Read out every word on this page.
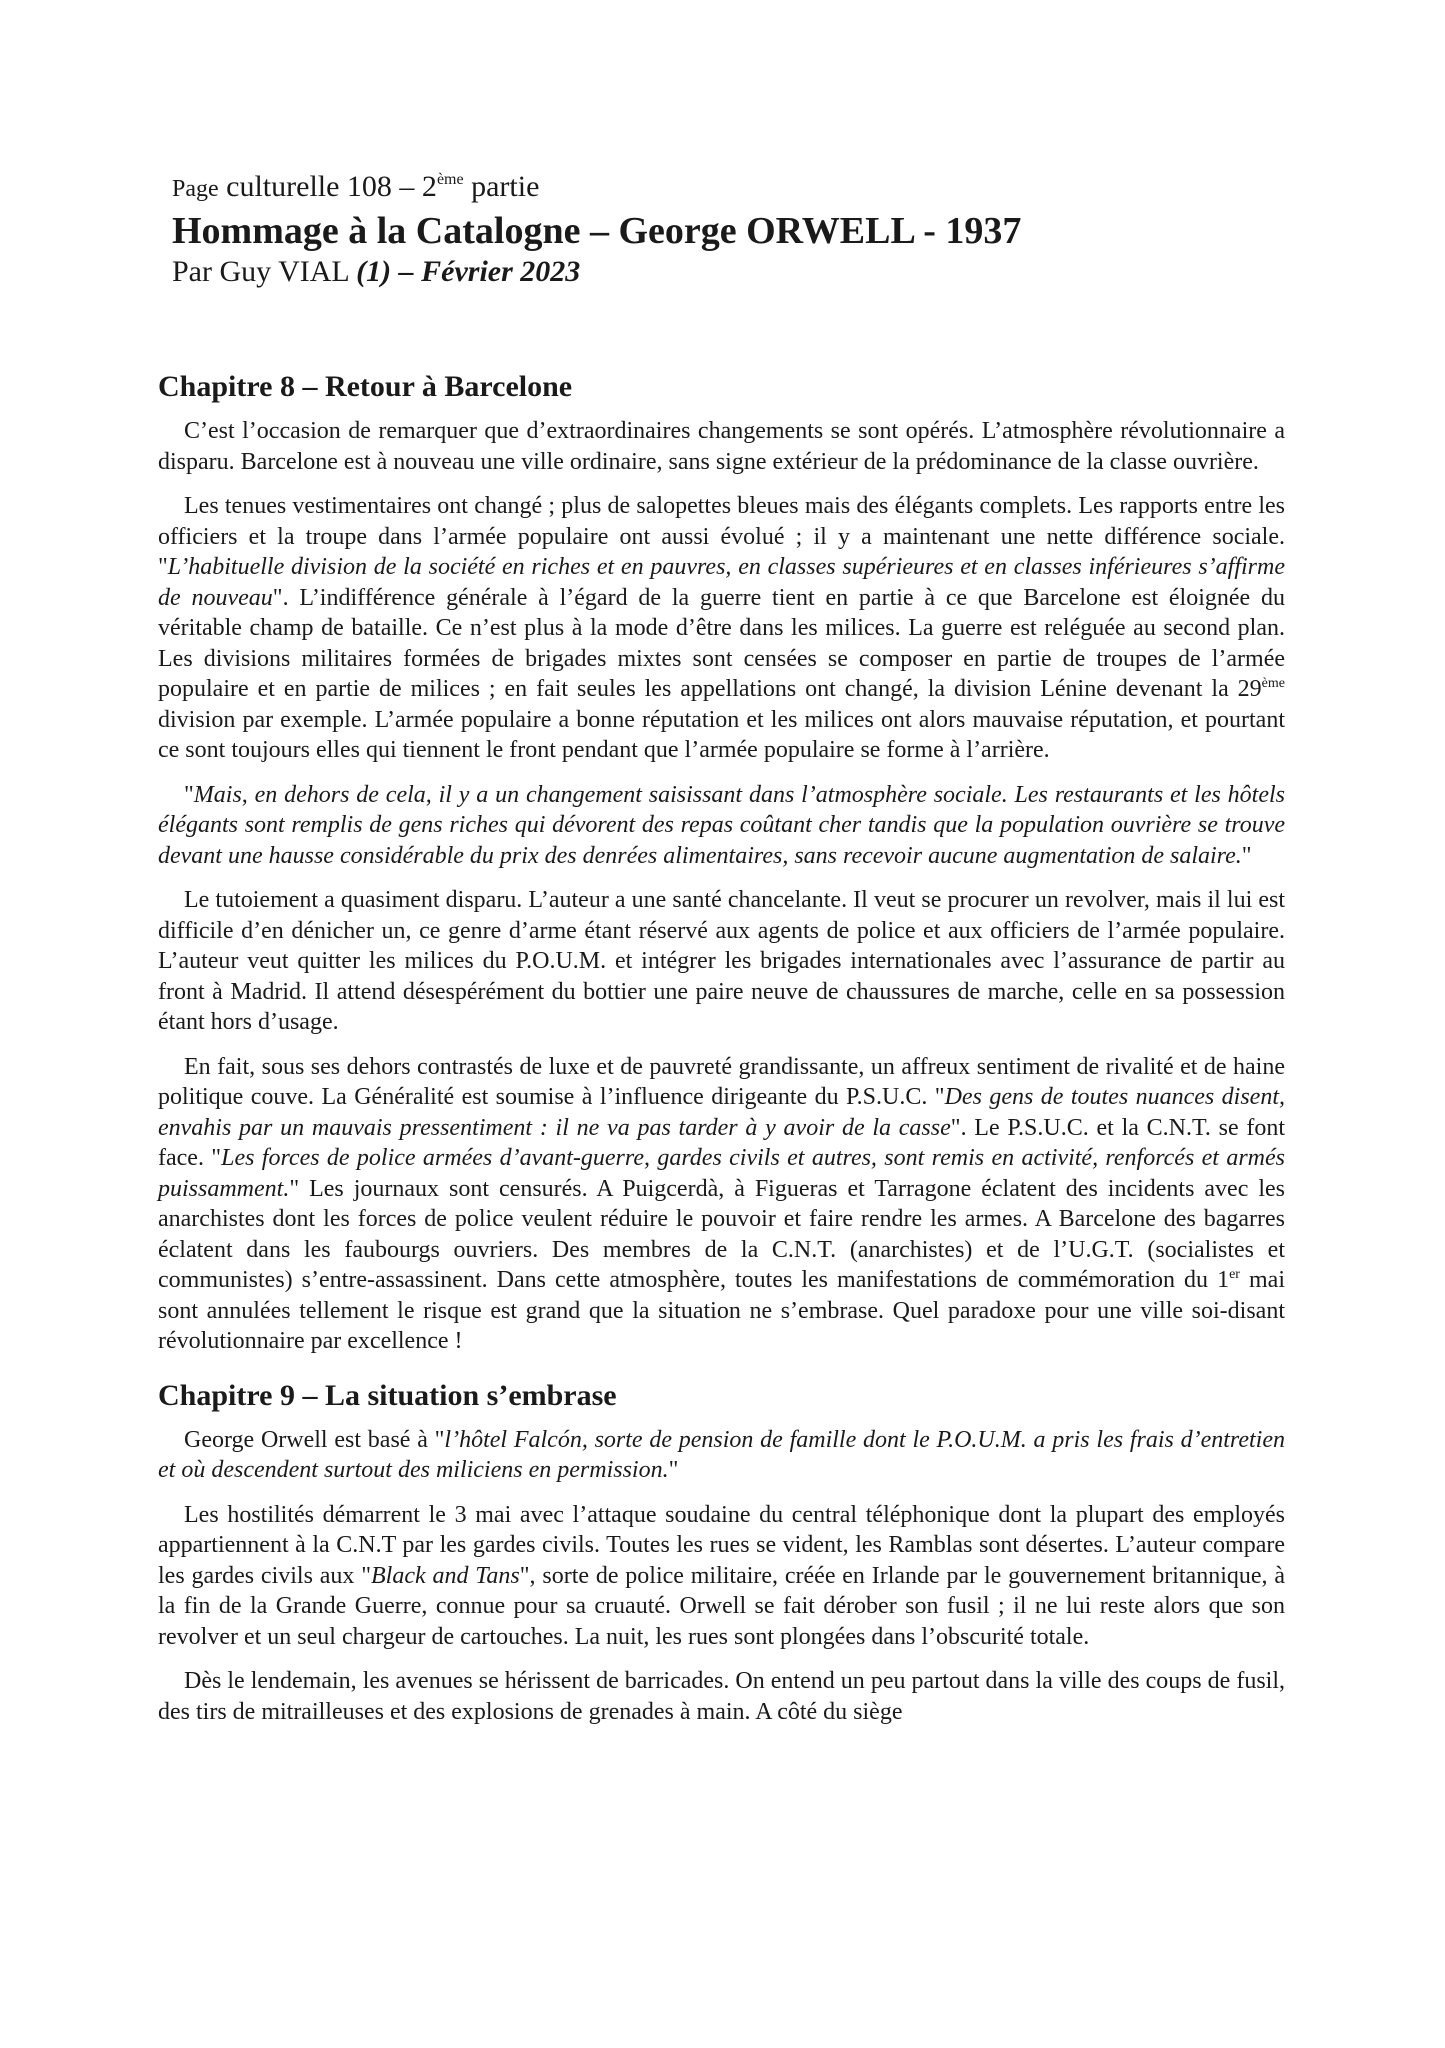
Page culturelle 108 – 2ème partie
Hommage à la Catalogne – George ORWELL - 1937
Par Guy VIAL (1) – Février 2023
Chapitre 8 – Retour à Barcelone

C’est l’occasion de remarquer que d’extraordinaires changements se sont opérés. L’atmosphère révolutionnaire a disparu. Barcelone est à nouveau une ville ordinaire, sans signe extérieur de la prédominance de la classe ouvrière.

Les tenues vestimentaires ont changé ; plus de salopettes bleues mais des élégants complets. Les rapports entre les officiers et la troupe dans l’armée populaire ont aussi évolué ; il y a maintenant une nette différence sociale. "L’habituelle division de la société en riches et en pauvres, en classes supérieures et en classes inférieures s’affirme de nouveau". L’indifférence générale à l’égard de la guerre tient en partie à ce que Barcelone est éloignée du véritable champ de bataille. Ce n’est plus à la mode d’être dans les milices. La guerre est reléguée au second plan. Les divisions militaires formées de brigades mixtes sont censées se composer en partie de troupes de l’armée populaire et en partie de milices ; en fait seules les appellations ont changé, la division Lénine devenant la 29ème division par exemple. L’armée populaire a bonne réputation et les milices ont alors mauvaise réputation, et pourtant ce sont toujours elles qui tiennent le front pendant que l’armée populaire se forme à l’arrière.

"Mais, en dehors de cela, il y a un changement saisissant dans l’atmosphère sociale. Les restaurants et les hôtels élégants sont remplis de gens riches qui dévorent des repas coûtant cher tandis que la population ouvrière se trouve devant une hausse considérable du prix des denrées alimentaires, sans recevoir aucune augmentation de salaire."

Le tutoiement a quasiment disparu. L’auteur a une santé chancelante. Il veut se procurer un revolver, mais il lui est difficile d’en dénicher un, ce genre d’arme étant réservé aux agents de police et aux officiers de l’armée populaire. L’auteur veut quitter les milices du P.O.U.M. et intégrer les brigades internationales avec l’assurance de partir au front à Madrid. Il attend désespérément du bottier une paire neuve de chaussures de marche, celle en sa possession étant hors d’usage.

En fait, sous ses dehors contrastés de luxe et de pauvreté grandissante, un affreux sentiment de rivalité et de haine politique couve. La Généralité est soumise à l’influence dirigeante du P.S.U.C. "Des gens de toutes nuances disent, envahis par un mauvais pressentiment : il ne va pas tarder à y avoir de la casse". Le P.S.U.C. et la C.N.T. se font face. "Les forces de police armées d’avant-guerre, gardes civils et autres, sont remis en activité, renforcés et armés puissamment." Les journaux sont censurés. A Puigcerdà, à Figueras et Tarragone éclatent des incidents avec les anarchistes dont les forces de police veulent réduire le pouvoir et faire rendre les armes. A Barcelone des bagarres éclatent dans les faubourgs ouvriers. Des membres de la C.N.T. (anarchistes) et de l’U.G.T. (socialistes et communistes) s’entre-assassinent. Dans cette atmosphère, toutes les manifestations de commémoration du 1er mai sont annulées tellement le risque est grand que la situation ne s’embrase. Quel paradoxe pour une ville soi-disant révolutionnaire par excellence !

Chapitre 9 – La situation s’embrase

George Orwell est basé à "l’hôtel Falcón, sorte de pension de famille dont le P.O.U.M. a pris les frais d’entretien et où descendent surtout des miliciens en permission."

Les hostilités démarrent le 3 mai avec l’attaque soudaine du central téléphonique dont la plupart des employés appartiennent à la C.N.T par les gardes civils. Toutes les rues se vident, les Ramblas sont désertes. L’auteur compare les gardes civils aux "Black and Tans", sorte de police militaire, créée en Irlande par le gouvernement britannique, à la fin de la Grande Guerre, connue pour sa cruauté. Orwell se fait dérober son fusil ; il ne lui reste alors que son revolver et un seul chargeur de cartouches. La nuit, les rues sont plongées dans l’obscurité totale.

Dès le lendemain, les avenues se hérissent de barricades. On entend un peu partout dans la ville des coups de fusil, des tirs de mitrailleuses et des explosions de grenades à main. A côté du siège
